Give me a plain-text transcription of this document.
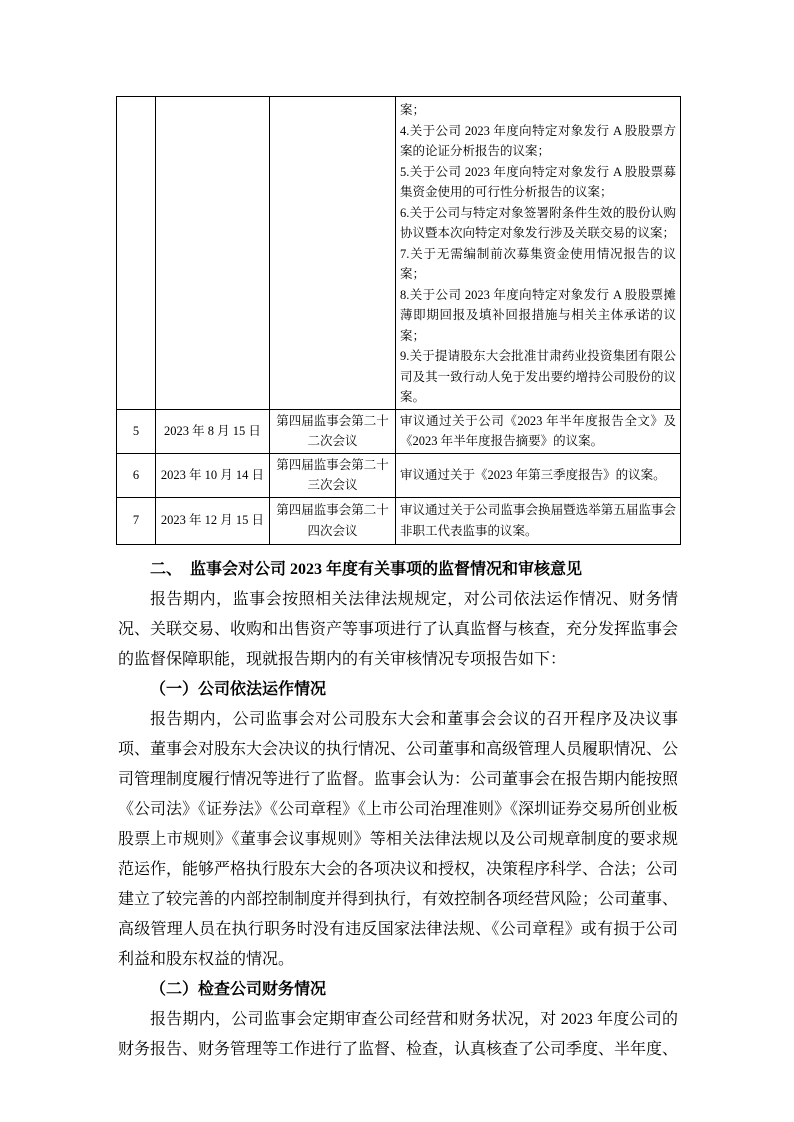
案；
4.关于公司 2023 年度向特定对象发行 A 股股票方案的论证分析报告的议案；
5.关于公司 2023 年度向特定对象发行 A 股股票募集资金使用的可行性分析报告的议案；
6.关于公司与特定对象签署附条件生效的股份认购协议暨本次向特定对象发行涉及关联交易的议案；
7.关于无需编制前次募集资金使用情况报告的议案；
8.关于公司 2023 年度向特定对象发行 A 股股票摊薄即期回报及填补回报措施与相关主体承诺的议案；
9.关于提请股东大会批准甘肃药业投资集团有限公司及其一致行动人免于发出要约增持公司股份的议案。

5	2023 年 8 月 15 日	第四届监事会第二十二次会议	审议通过关于公司《2023 年半年度报告全文》及《2023 年半年度报告摘要》的议案。
6	2023 年 10 月 14 日	第四届监事会第二十三次会议	审议通过关于《2023 年第三季度报告》的议案。
7	2023 年 12 月 15 日	第四届监事会第二十四次会议	审议通过关于公司监事会换届暨选举第五届监事会非职工代表监事的议案。
二、　监事会对公司 2023 年度有关事项的监督情况和审核意见

报告期内，监事会按照相关法律法规规定，对公司依法运作情况、财务情况、关联交易、收购和出售资产等事项进行了认真监督与核查，充分发挥监事会的监督保障职能，现就报告期内的有关审核情况专项报告如下：

（一）公司依法运作情况

报告期内，公司监事会对公司股东大会和董事会会议的召开程序及决议事项、董事会对股东大会决议的执行情况、公司董事和高级管理人员履职情况、公司管理制度履行情况等进行了监督。监事会认为：公司董事会在报告期内能按照《公司法》《证券法》《公司章程》《上市公司治理准则》《深圳证券交易所创业板股票上市规则》《董事会议事规则》等相关法律法规以及公司规章制度的要求规范运作，能够严格执行股东大会的各项决议和授权，决策程序科学、合法；公司建立了较完善的内部控制制度并得到执行，有效控制各项经营风险；公司董事、高级管理人员在执行职务时没有违反国家法律法规、《公司章程》或有损于公司利益和股东权益的情况。

（二）检查公司财务情况

报告期内，公司监事会定期审查公司经营和财务状况，对 2023 年度公司的财务报告、财务管理等工作进行了监督、检查，认真核查了公司季度、半年度、
